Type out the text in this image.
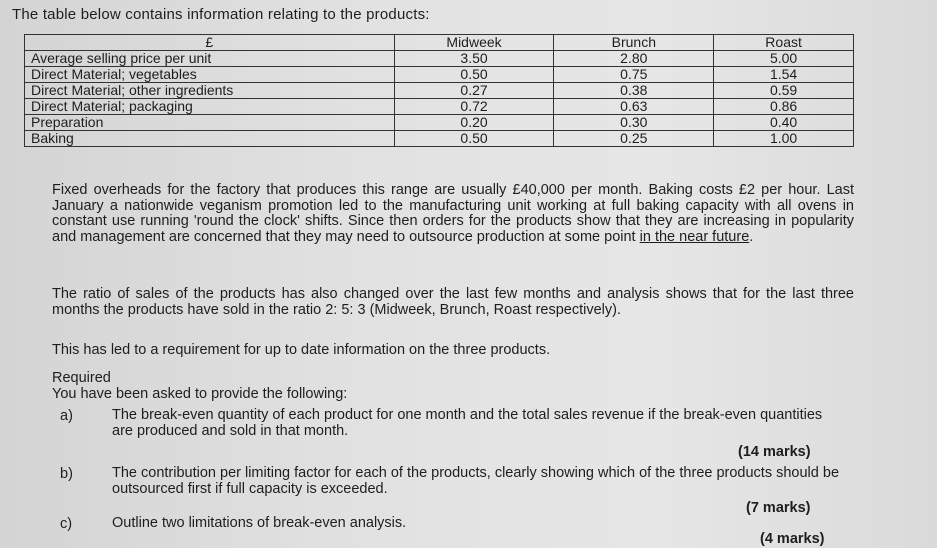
The table below contains information relating to the products:
£	Midweek	Brunch	Roast
Average selling price per unit	3.50	2.80	5.00
Direct Material; vegetables	0.50	0.75	1.54
Direct Material; other ingredients	0.27	0.38	0.59
Direct Material; packaging	0.72	0.63	0.86
Preparation	0.20	0.30	0.40
Baking	0.50	0.25	1.00
Fixed overheads for the factory that produces this range are usually £40,000 per month. Baking costs £2 per hour. Last January a nationwide veganism promotion led to the manufacturing unit working at full baking capacity with all ovens in constant use running 'round the clock' shifts. Since then orders for the products show that they are increasing in popularity and management are concerned that they may need to outsource production at some point in the near future.
The ratio of sales of the products has also changed over the last few months and analysis shows that for the last three months the products have sold in the ratio 2: 5: 3 (Midweek, Brunch, Roast respectively).
This has led to a requirement for up to date information on the three products.
Required
You have been asked to provide the following:
a)	The break-even quantity of each product for one month and the total sales revenue if the break-even quantities are produced and sold in that month.
(14 marks)
b)	The contribution per limiting factor for each of the products, clearly showing which of the three products should be outsourced first if full capacity is exceeded.
(7 marks)
c)	Outline two limitations of break-even analysis.
(4 marks)
